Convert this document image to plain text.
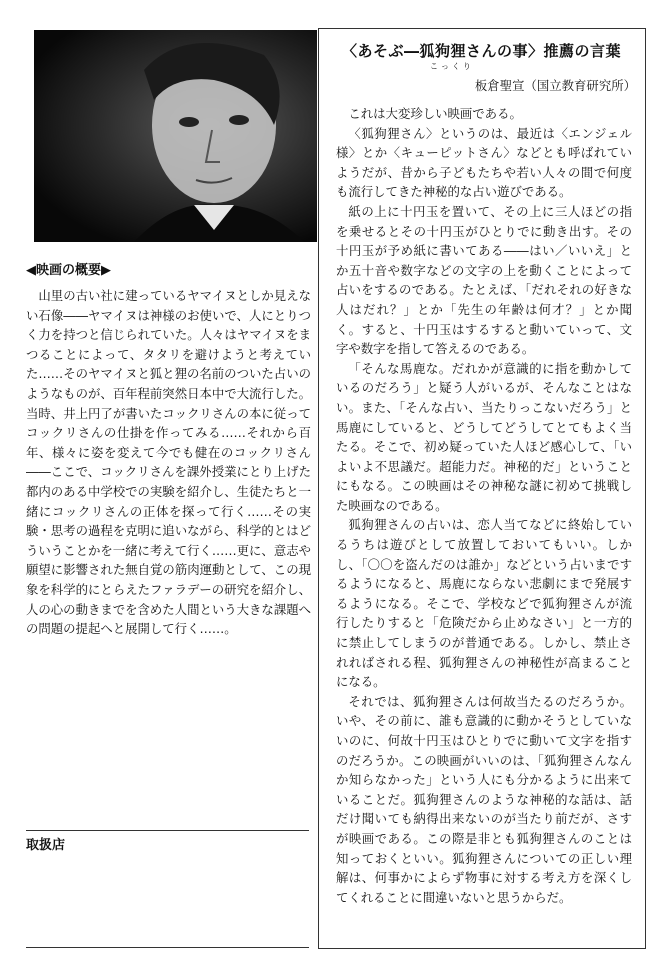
◀映画の概要▶

山里の古い社に建っているヤマイヌとしか見えない石像――ヤマイヌは神様のお使いで、人にとりつく力を持つと信じられていた。人々はヤマイヌをまつることによって、タタリを避けようと考えていた……そのヤマイヌと狐と狸の名前のついた占いのようなものが、百年程前突然日本中で大流行した。当時、井上円了が書いたコックリさんの本に従ってコックリさんの仕掛を作ってみる……それから百年、様々に姿を変えて今でも健在のコックリさん――ここで、コックリさんを課外授業にとり上げた都内のある中学校での実験を紹介し、生徒たちと一緒にコックリさんの正体を探って行く……その実験・思考の過程を克明に追いながら、科学的とはどういうことかを一緒に考えて行く……更に、意志や願望に影響された無自覚の筋肉運動として、この現象を科学的にとらえたファラデーの研究を紹介し、人の心の動きまでを含めた人間という大きな課題への問題の提起へと展開して行く……。

取扱店
〈あそぶ―狐狗狸さんの事〉推薦の言葉
こっくり
板倉聖宣（国立教育研究所）

これは大変珍しい映画である。

〈狐狗狸さん〉というのは、最近は〈エンジェル様〉とか〈キューピットさん〉などとも呼ばれていようだが、昔から子どもたちや若い人々の間で何度も流行してきた神秘的な占い遊びである。

紙の上に十円玉を置いて、その上に三人ほどの指を乗せるとその十円玉がひとりでに動き出す。その十円玉が予め紙に書いてある――はい／いいえ」とか五十音や数字などの文字の上を動くことによって占いをするのである。たとえば、「だれそれの好きな人はだれ？」とか「先生の年齢は何才？」とか聞く。すると、十円玉はするすると動いていって、文字や数字を指して答えるのである。

「そんな馬鹿な。だれかが意識的に指を動かしているのだろう」と疑う人がいるが、そんなことはない。また、「そんな占い、当たりっこないだろう」と馬鹿にしていると、どうしてどうしてとてもよく当たる。そこで、初め疑っていた人ほど感心して、「いよいよ不思議だ。超能力だ。神秘的だ」ということにもなる。この映画はその神秘な謎に初めて挑戦した映画なのである。

狐狗狸さんの占いは、恋人当てなどに終始しているうちは遊びとして放置しておいてもいい。しかし、「〇〇を盗んだのは誰か」などという占いまでするようになると、馬鹿にならない悲劇にまで発展するようになる。そこで、学校などで狐狗狸さんが流行したりすると「危険だから止めなさい」と一方的に禁止してしまうのが普通である。しかし、禁止されればされる程、狐狗狸さんの神秘性が高まることになる。

それでは、狐狗狸さんは何故当たるのだろうか。いや、その前に、誰も意識的に動かそうとしていないのに、何故十円玉はひとりでに動いて文字を指すのだろうか。この映画がいいのは、「狐狗狸さんなんか知らなかった」という人にも分かるように出来ていることだ。狐狗狸さんのような神秘的な話は、話だけ聞いても納得出来ないのが当たり前だが、さすが映画である。この際是非とも狐狗狸さんのことは知っておくといい。狐狗狸さんについての正しい理解は、何事かによらず物事に対する考え方を深くしてくれることに間違いないと思うからだ。
